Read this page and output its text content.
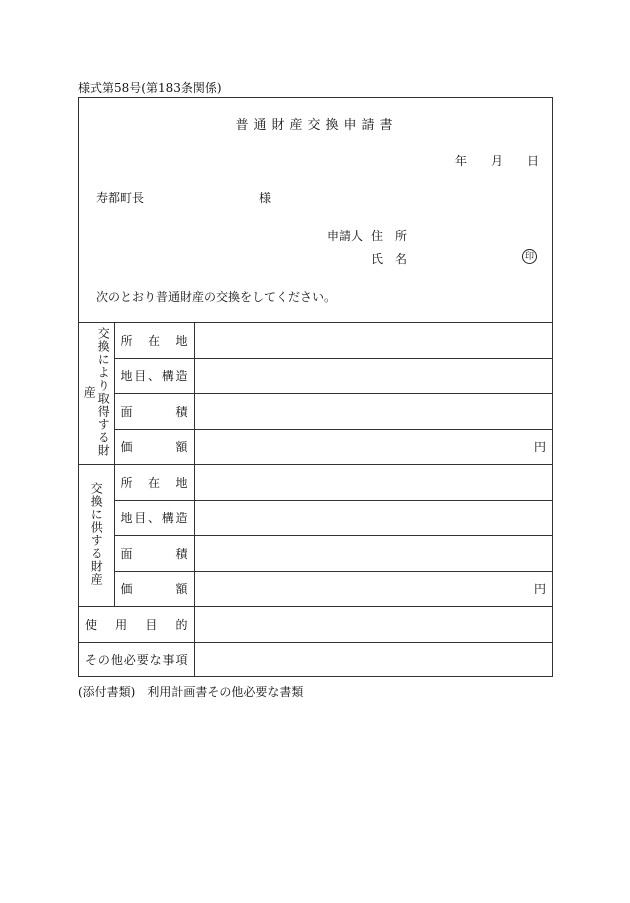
様式第58号(第183条関係)
普通財産交換申請書
年 月 日
寿都町長	様
申請人 住　所
氏　名	印
次のとおり普通財産の交換をしてください。
交換により取得する財産	所在地	
	地目、構造	
	面積	
	価額	円
交換に供する財産	所在地	
	地目、構造	
	面積	
	価額	円
使用目的		
その他必要な事項		
(添付書類)　利用計画書その他必要な書類
